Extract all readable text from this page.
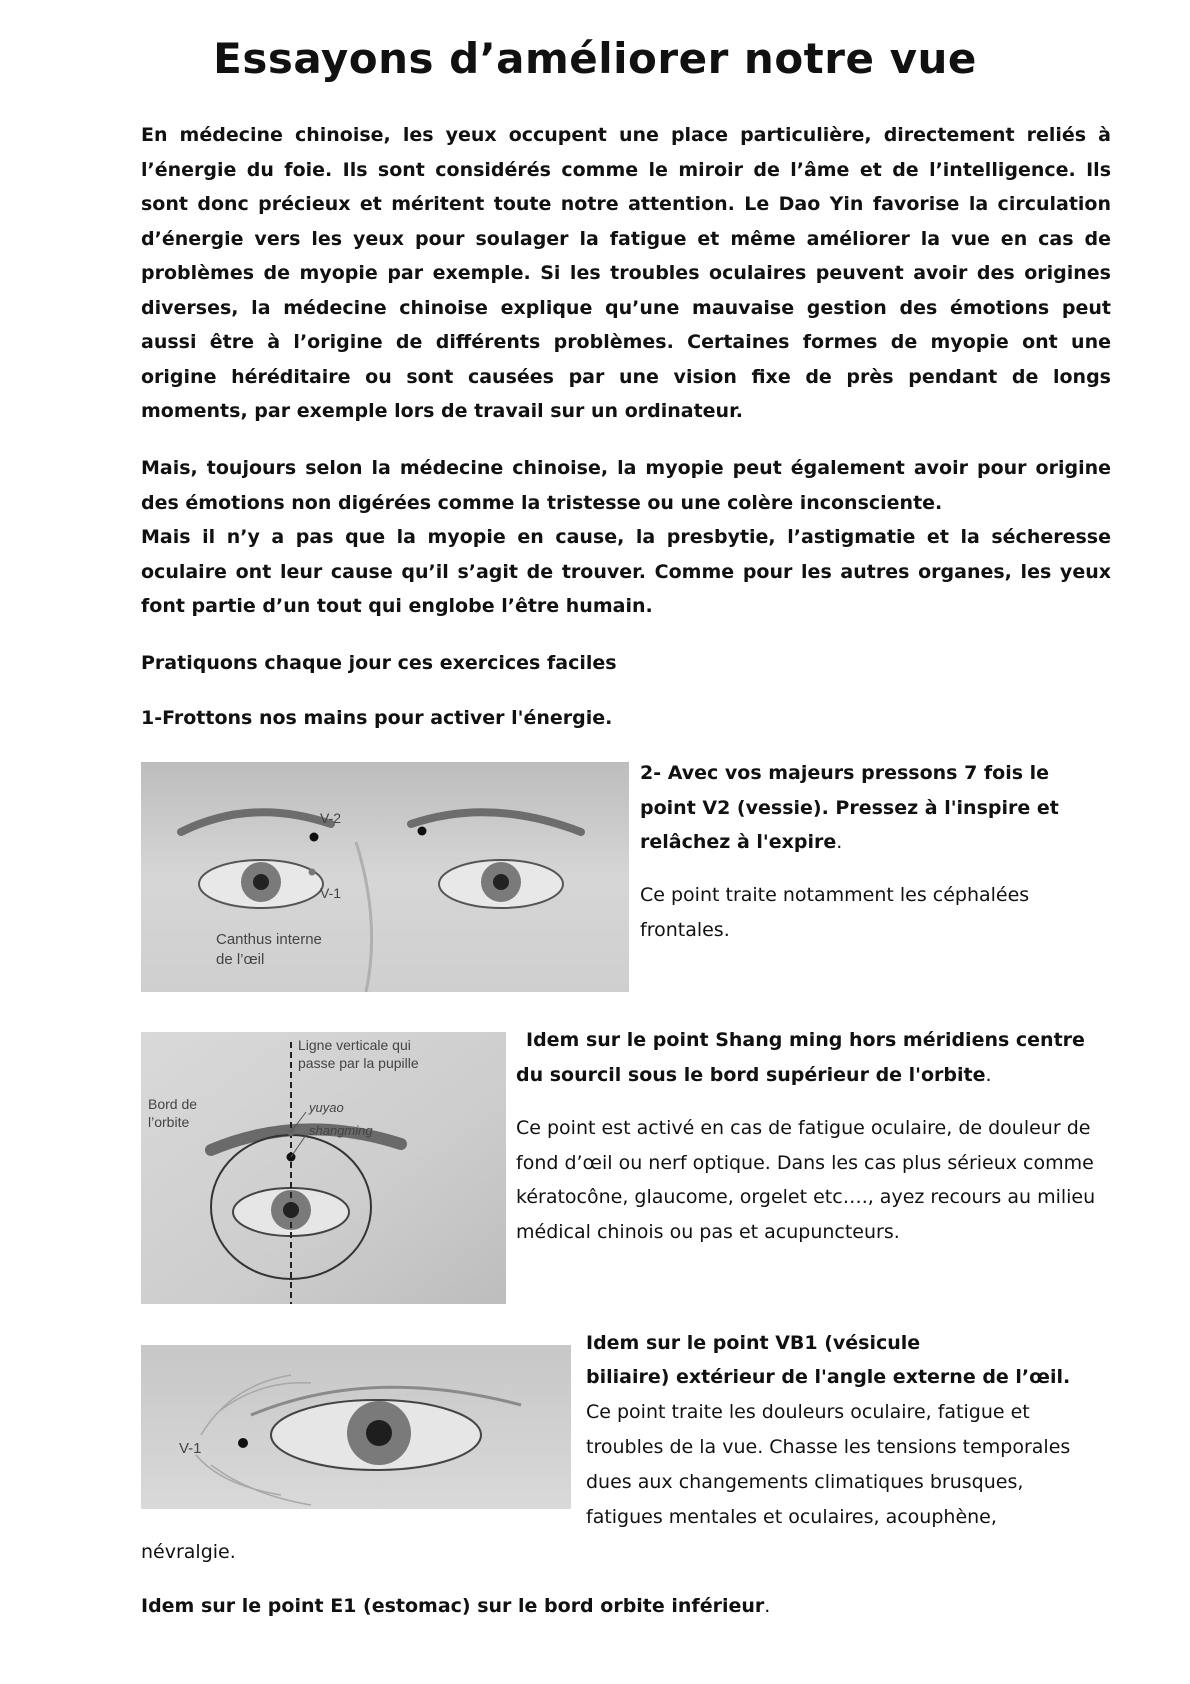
Essayons d’améliorer notre vue
En médecine chinoise, les yeux occupent une place particulière, directement reliés à l’énergie du foie. Ils sont considérés comme le miroir de l’âme et de l’intelligence. Ils sont donc précieux et méritent toute notre attention. Le Dao Yin favorise la circulation d’énergie vers les yeux pour soulager la fatigue et même améliorer la vue en cas de problèmes de myopie par exemple. Si les troubles oculaires peuvent avoir des origines diverses, la médecine chinoise explique qu’une mauvaise gestion des émotions peut aussi être à l’origine de différents problèmes. Certaines formes de myopie ont une origine héréditaire ou sont causées par une vision fixe de près pendant de longs moments, par exemple lors de travail sur un ordinateur.
Mais, toujours selon la médecine chinoise, la myopie peut également avoir pour origine des émotions non digérées comme la tristesse ou une colère inconsciente.
Mais il n’y a pas que la myopie en cause, la presbytie, l’astigmatie et la sécheresse oculaire ont leur cause qu’il s’agit de trouver. Comme pour les autres organes, les yeux font partie d’un tout qui englobe l’être humain.
Pratiquons chaque jour ces exercices faciles
1-Frottons nos mains pour activer l'énergie.
V-2
V-1
Canthus interne
de l’œil
2- Avec vos majeurs pressons 7 fois le point V2 (vessie). Pressez à l'inspire et relâchez à l'expire.
Ce point traite notamment les céphalées frontales.
Ligne verticale qui
passe par la pupille
Bord de
l’orbite
yuyao
shangming
Idem sur le point Shang ming hors méridiens centre du sourcil sous le bord supérieur de l'orbite.
Ce point est activé en cas de fatigue oculaire, de douleur de fond d’œil ou nerf optique. Dans les cas plus sérieux comme kératocône, glaucome, orgelet etc…., ayez recours au milieu médical chinois ou pas et acupuncteurs.
V-1
Idem sur le point VB1 (vésicule
biliaire) extérieur de l'angle externe de l’œil.
Ce point traite les douleurs oculaire, fatigue et
troubles de la vue. Chasse les tensions temporales
dues aux changements climatiques brusques,
fatigues mentales et oculaires, acouphène,
névralgie.
Idem sur le point E1 (estomac) sur le bord orbite inférieur.
